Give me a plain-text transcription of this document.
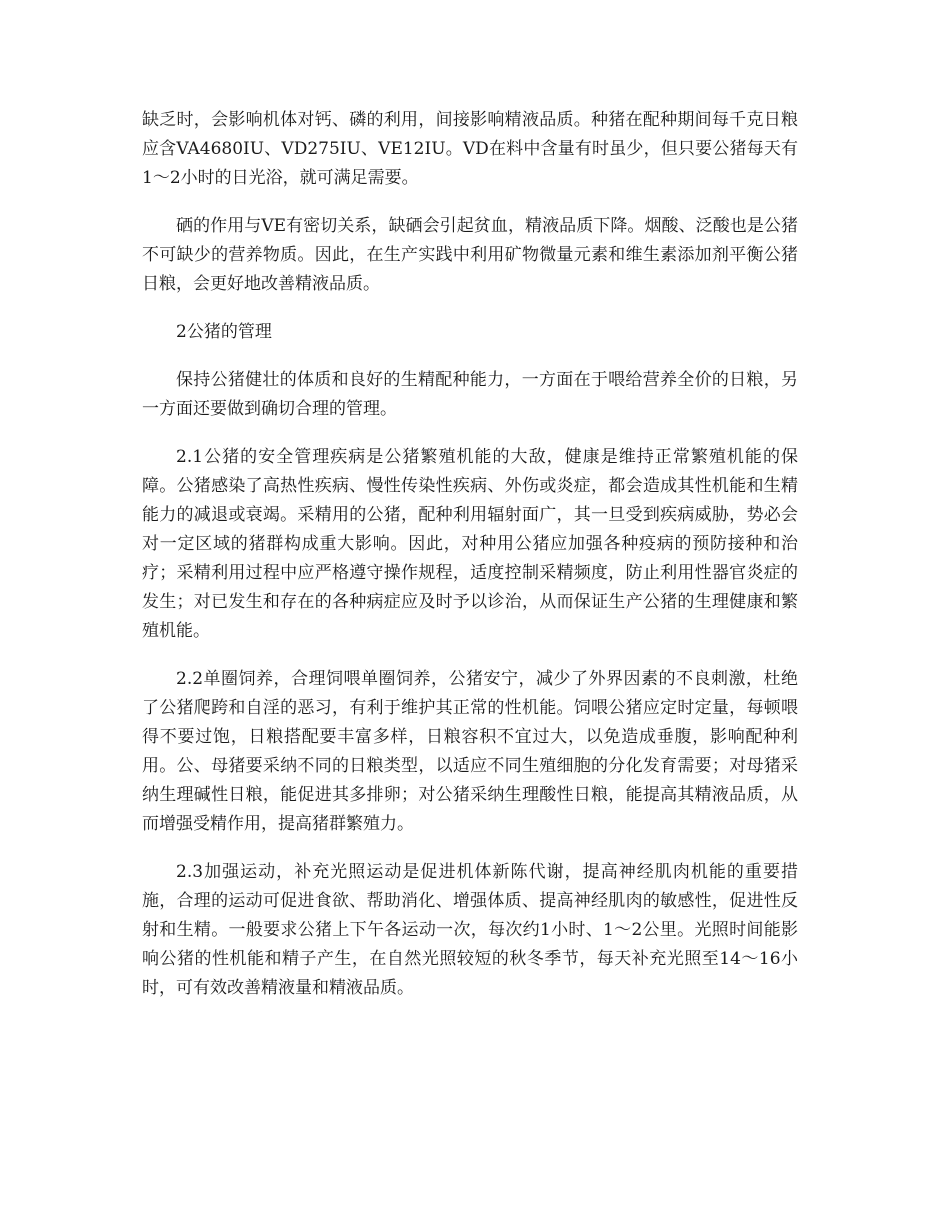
缺乏时，会影响机体对钙、磷的利用，间接影响精液品质。种猪在配种期间每千克日粮应含VA4680IU、VD275IU、VE12IU。VD在料中含量有时虽少，但只要公猪每天有1～2小时的日光浴，就可满足需要。

硒的作用与VE有密切关系，缺硒会引起贫血，精液品质下降。烟酸、泛酸也是公猪不可缺少的营养物质。因此，在生产实践中利用矿物微量元素和维生素添加剂平衡公猪日粮，会更好地改善精液品质。

2公猪的管理

保持公猪健壮的体质和良好的生精配种能力，一方面在于喂给营养全价的日粮，另一方面还要做到确切合理的管理。

2.1公猪的安全管理疾病是公猪繁殖机能的大敌，健康是维持正常繁殖机能的保障。公猪感染了高热性疾病、慢性传染性疾病、外伤或炎症，都会造成其性机能和生精能力的减退或衰竭。采精用的公猪，配种利用辐射面广，其一旦受到疾病威胁，势必会对一定区域的猪群构成重大影响。因此，对种用公猪应加强各种疫病的预防接种和治疗；采精利用过程中应严格遵守操作规程，适度控制采精频度，防止利用性器官炎症的发生；对已发生和存在的各种病症应及时予以诊治，从而保证生产公猪的生理健康和繁殖机能。

2.2单圈饲养，合理饲喂单圈饲养，公猪安宁，减少了外界因素的不良刺激，杜绝了公猪爬跨和自淫的恶习，有利于维护其正常的性机能。饲喂公猪应定时定量，每顿喂得不要过饱，日粮搭配要丰富多样，日粮容积不宜过大，以免造成垂腹，影响配种利用。公、母猪要采纳不同的日粮类型，以适应不同生殖细胞的分化发育需要；对母猪采纳生理碱性日粮，能促进其多排卵；对公猪采纳生理酸性日粮，能提高其精液品质，从而增强受精作用，提高猪群繁殖力。

2.3加强运动，补充光照运动是促进机体新陈代谢，提高神经肌肉机能的重要措施，合理的运动可促进食欲、帮助消化、增强体质、提高神经肌肉的敏感性，促进性反射和生精。一般要求公猪上下午各运动一次，每次约1小时、1～2公里。光照时间能影响公猪的性机能和精子产生，在自然光照较短的秋冬季节，每天补充光照至14～16小时，可有效改善精液量和精液品质。
